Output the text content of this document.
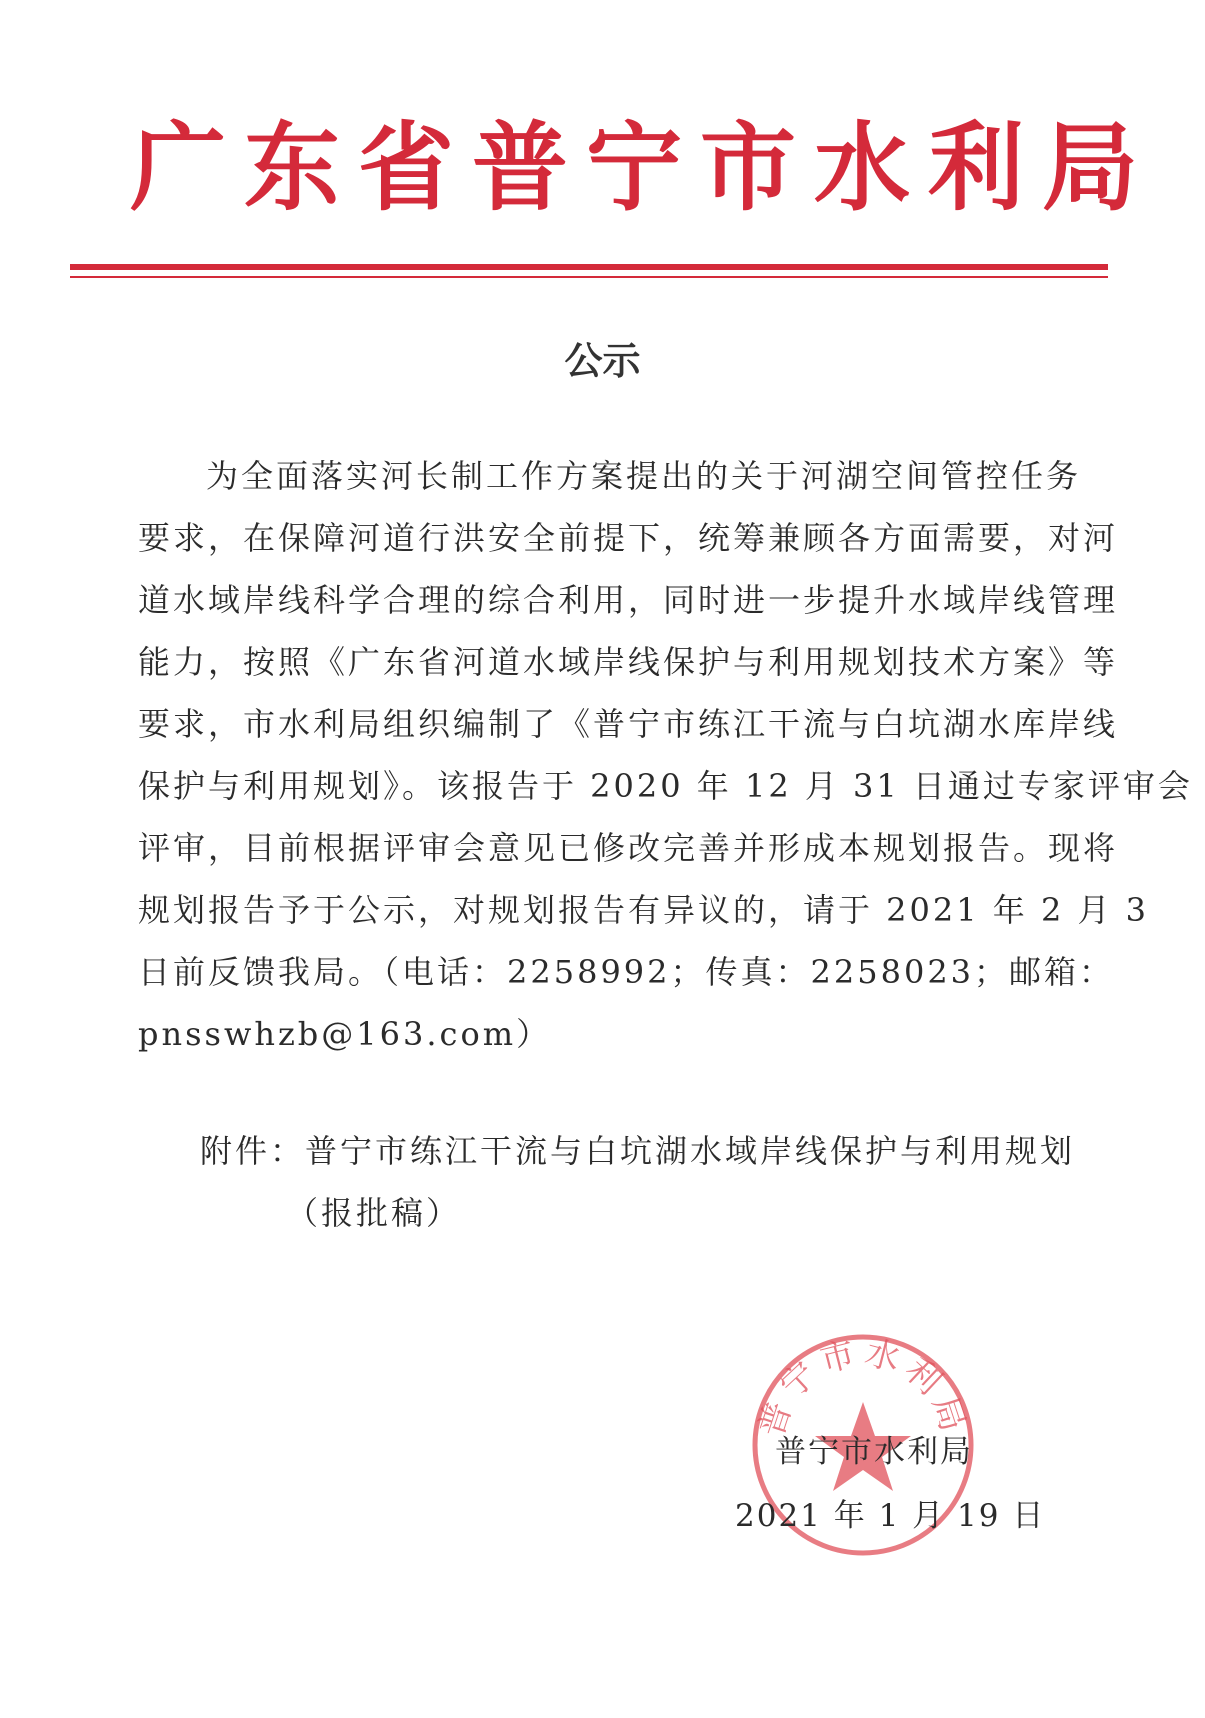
广东省普宁市水利局
公示
为全面落实河长制工作方案提出的关于河湖空间管控任务
要求，在保障河道行洪安全前提下，统筹兼顾各方面需要，对河
道水域岸线科学合理的综合利用，同时进一步提升水域岸线管理
能力，按照《广东省河道水域岸线保护与利用规划技术方案》等
要求，市水利局组织编制了《普宁市练江干流与白坑湖水库岸线
保护与利用规划》。该报告于 2020 年 12 月 31 日通过专家评审会
评审，目前根据评审会意见已修改完善并形成本规划报告。现将
规划报告予于公示，对规划报告有异议的，请于 2021 年 2 月 3
日前反馈我局。（电话：2258992；传真：2258023；邮箱：
pnsswhzb@163.com）
附件：普宁市练江干流与白坑湖水域岸线保护与利用规划
（报批稿）
普宁市水利局
普宁市水利局
2021 年 1 月 19 日
